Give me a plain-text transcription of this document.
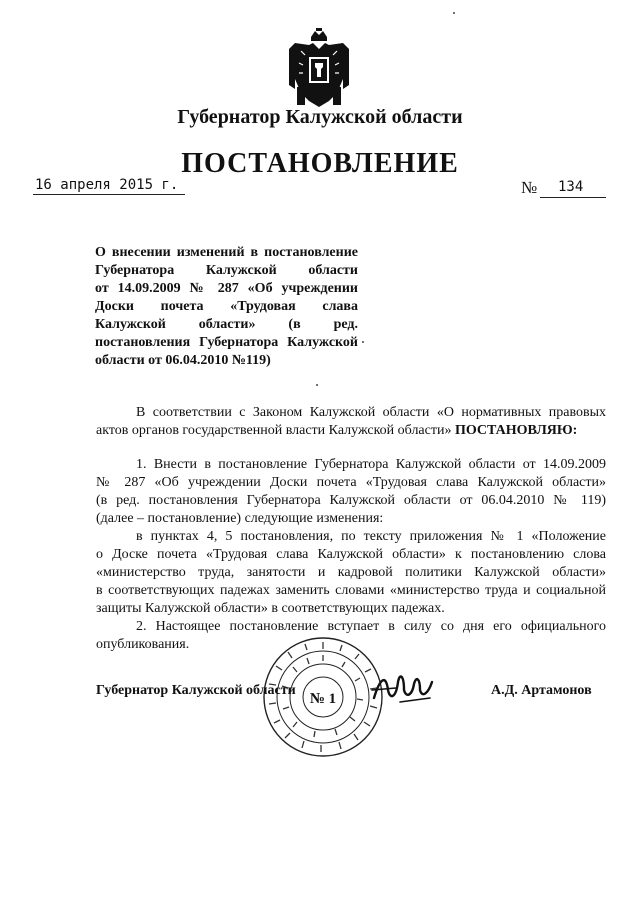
Губернатор Калужской области
ПОСТАНОВЛЕНИЕ
16 апреля 2015 г.	№ 134
О внесении изменений в постановление
Губернатора Калужской области
от 14.09.2009 № 287 «Об учреждении
Доски почета «Трудовая слава
Калужской области» (в ред.
постановления Губернатора Калужской
области от 06.04.2010 №119)
В соответствии с Законом Калужской области «О нормативных правовых
актов органов государственной власти Калужской области» ПОСТАНОВЛЯЮ:
1. Внести в постановление Губернатора Калужской области от 14.09.2009
№ 287 «Об учреждении Доски почета «Трудовая слава Калужской области»
(в ред. постановления Губернатора Калужской области от 06.04.2010 № 119)
(далее – постановление) следующие изменения:
в пунктах 4, 5 постановления, по тексту приложения № 1 «Положение
о Доске почета «Трудовая слава Калужской области» к постановлению слова
«министерство труда, занятости и кадровой политики Калужской области»
в соответствующих падежах заменить словами «министерство труда и социальной
защиты Калужской области» в соответствующих падежах.
2. Настоящее постановление вступает в силу со дня его официального
опубликования.
№ 1
Губернатор Калужской области	А.Д. Артамонов
